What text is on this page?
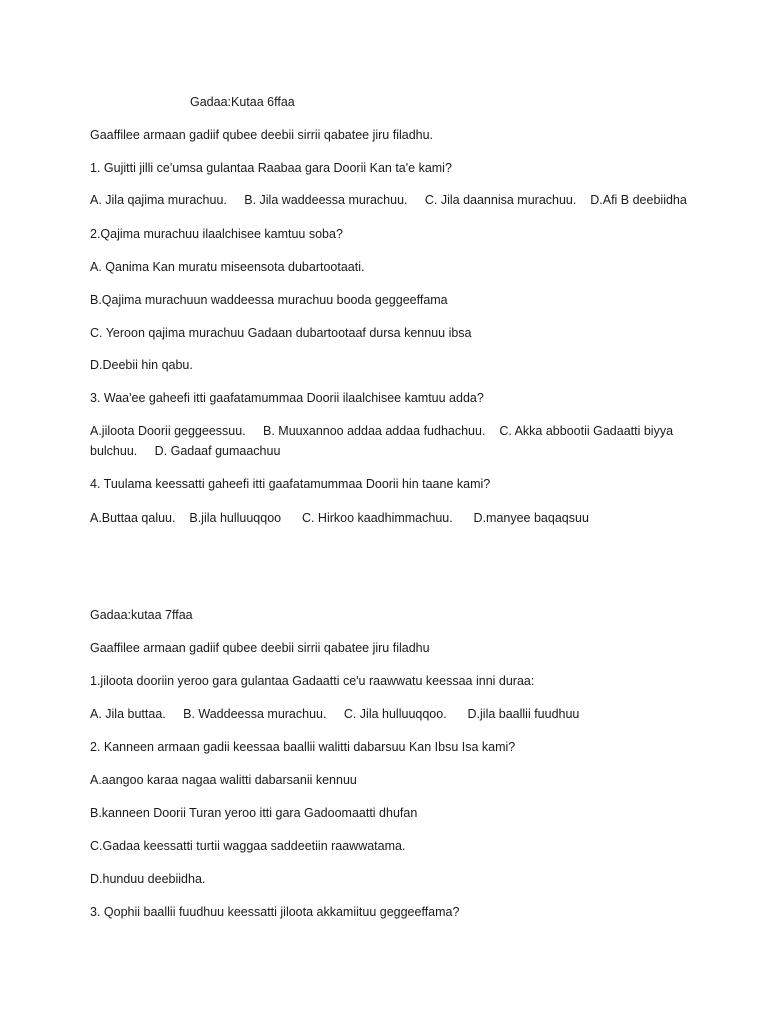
Gadaa:Kutaa 6ffaa
Gaaffilee armaan gadiif qubee deebii sirrii qabatee jiru filadhu.
1. Gujitti jilli ce'umsa gulantaa Raabaa gara Doorii Kan ta'e kami?
A. Jila qajima murachuu.     B. Jila waddeessa murachuu.     C. Jila daannisa murachuu.    D.Afi B deebiidha
2.Qajima murachuu ilaalchisee kamtuu soba?
A. Qanima Kan muratu miseensota dubartootaati.
B.Qajima murachuun waddeessa murachuu booda geggeeffama
C. Yeroon qajima murachuu Gadaan dubartootaaf dursa kennuu ibsa
D.Deebii hin qabu.
3. Waa'ee gaheefi itti gaafatamummaa Doorii ilaalchisee kamtuu adda?
A.jiloota Doorii geggeessuu.     B. Muuxannoo addaa addaa fudhachuu.    C. Akka abbootii Gadaatti biyya bulchuu.     D. Gadaaf gumaachuu
4. Tuulama keessatti gaheefi itti gaafatamummaa Doorii hin taane kami?
A.Buttaa qaluu.    B.jila hulluuqqoo      C. Hirkoo kaadhimmachuu.      D.manyee baqaqsuu
Gadaa:kutaa 7ffaa
Gaaffilee armaan gadiif qubee deebii sirrii qabatee jiru filadhu
1.jiloota dooriin yeroo gara gulantaa Gadaatti ce'u raawwatu keessaa inni duraa:
A. Jila buttaa.     B. Waddeessa murachuu.     C. Jila hulluuqqoo.      D.jila baallii fuudhuu
2. Kanneen armaan gadii keessaa baallii walitti dabarsuu Kan Ibsu Isa kami?
A.aangoo karaa nagaa walitti dabarsanii kennuu
B.kanneen Doorii Turan yeroo itti gara Gadoomaatti dhufan
C.Gadaa keessatti turtii waggaa saddeetiin raawwatama.
D.hunduu deebiidha.
3. Qophii baallii fuudhuu keessatti jiloota akkamiituu geggeeffama?
